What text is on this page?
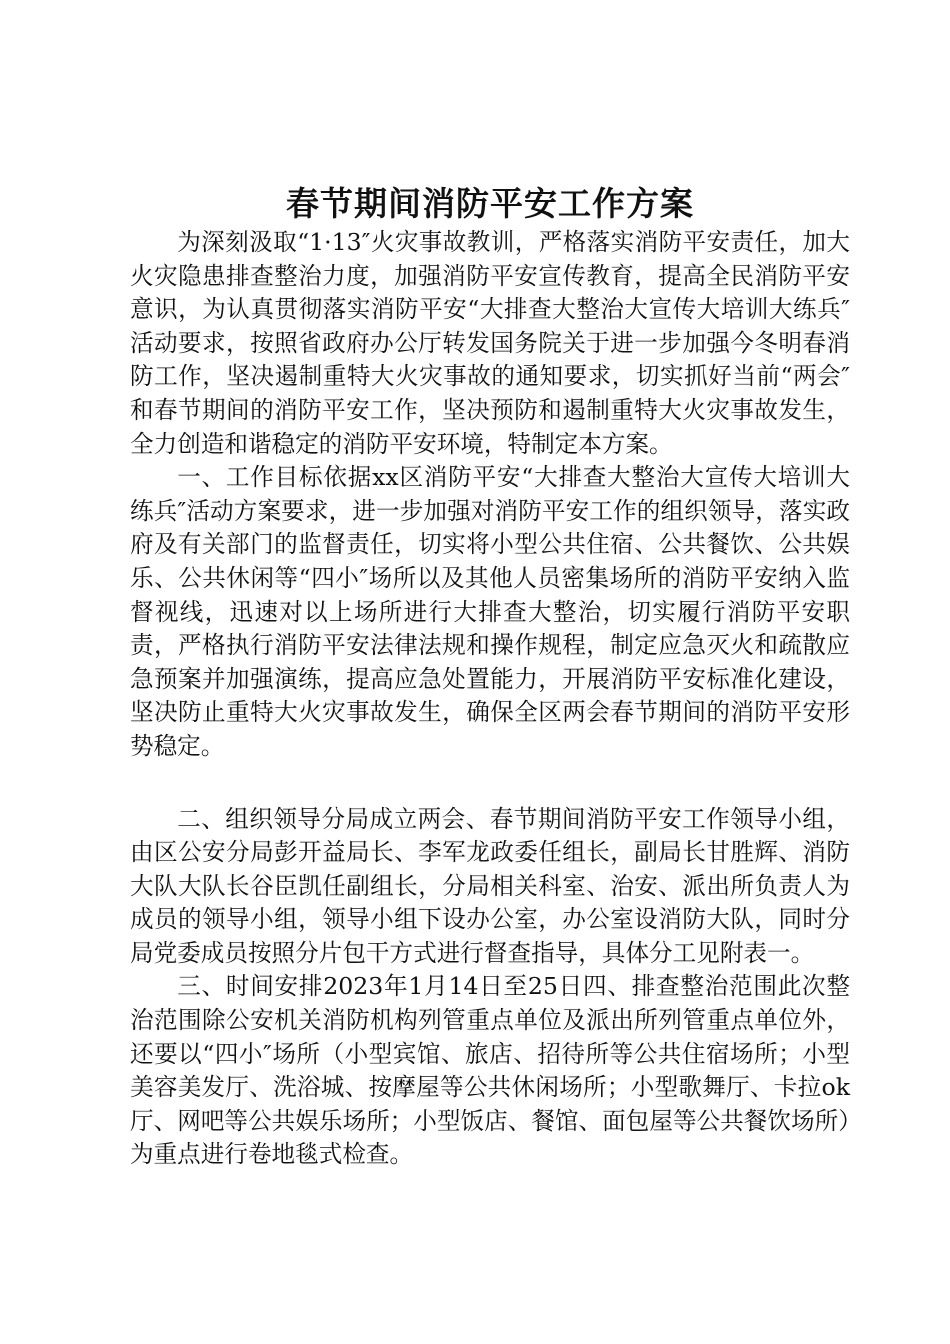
春节期间消防平安工作方案

为深刻汲取“1·13″火灾事故教训，严格落实消防平安责任，加大火灾隐患排查整治力度，加强消防平安宣传教育，提高全民消防平安意识，为认真贯彻落实消防平安“大排查大整治大宣传大培训大练兵″活动要求，按照省政府办公厅转发国务院关于进一步加强今冬明春消防工作，坚决遏制重特大火灾事故的通知要求，切实抓好当前“两会″和春节期间的消防平安工作，坚决预防和遏制重特大火灾事故发生，全力创造和谐稳定的消防平安环境，特制定本方案。

一、工作目标依据xx区消防平安“大排查大整治大宣传大培训大练兵″活动方案要求，进一步加强对消防平安工作的组织领导，落实政府及有关部门的监督责任，切实将小型公共住宿、公共餐饮、公共娱乐、公共休闲等“四小″场所以及其他人员密集场所的消防平安纳入监督视线，迅速对以上场所进行大排查大整治，切实履行消防平安职责，严格执行消防平安法律法规和操作规程，制定应急灭火和疏散应急预案并加强演练，提高应急处置能力，开展消防平安标准化建设，坚决防止重特大火灾事故发生，确保全区两会春节期间的消防平安形势稳定。

二、组织领导分局成立两会、春节期间消防平安工作领导小组，由区公安分局彭开益局长、李军龙政委任组长，副局长甘胜辉、消防大队大队长谷臣凯任副组长，分局相关科室、治安、派出所负责人为成员的领导小组，领导小组下设办公室，办公室设消防大队，同时分局党委成员按照分片包干方式进行督查指导，具体分工见附表一。

三、时间安排2023年1月14日至25日四、排查整治范围此次整治范围除公安机关消防机构列管重点单位及派出所列管重点单位外，还要以“四小″场所（小型宾馆、旅店、招待所等公共住宿场所；小型美容美发厅、洗浴城、按摩屋等公共休闲场所；小型歌舞厅、卡拉ok厅、网吧等公共娱乐场所；小型饭店、餐馆、面包屋等公共餐饮场所）为重点进行卷地毯式检查。
